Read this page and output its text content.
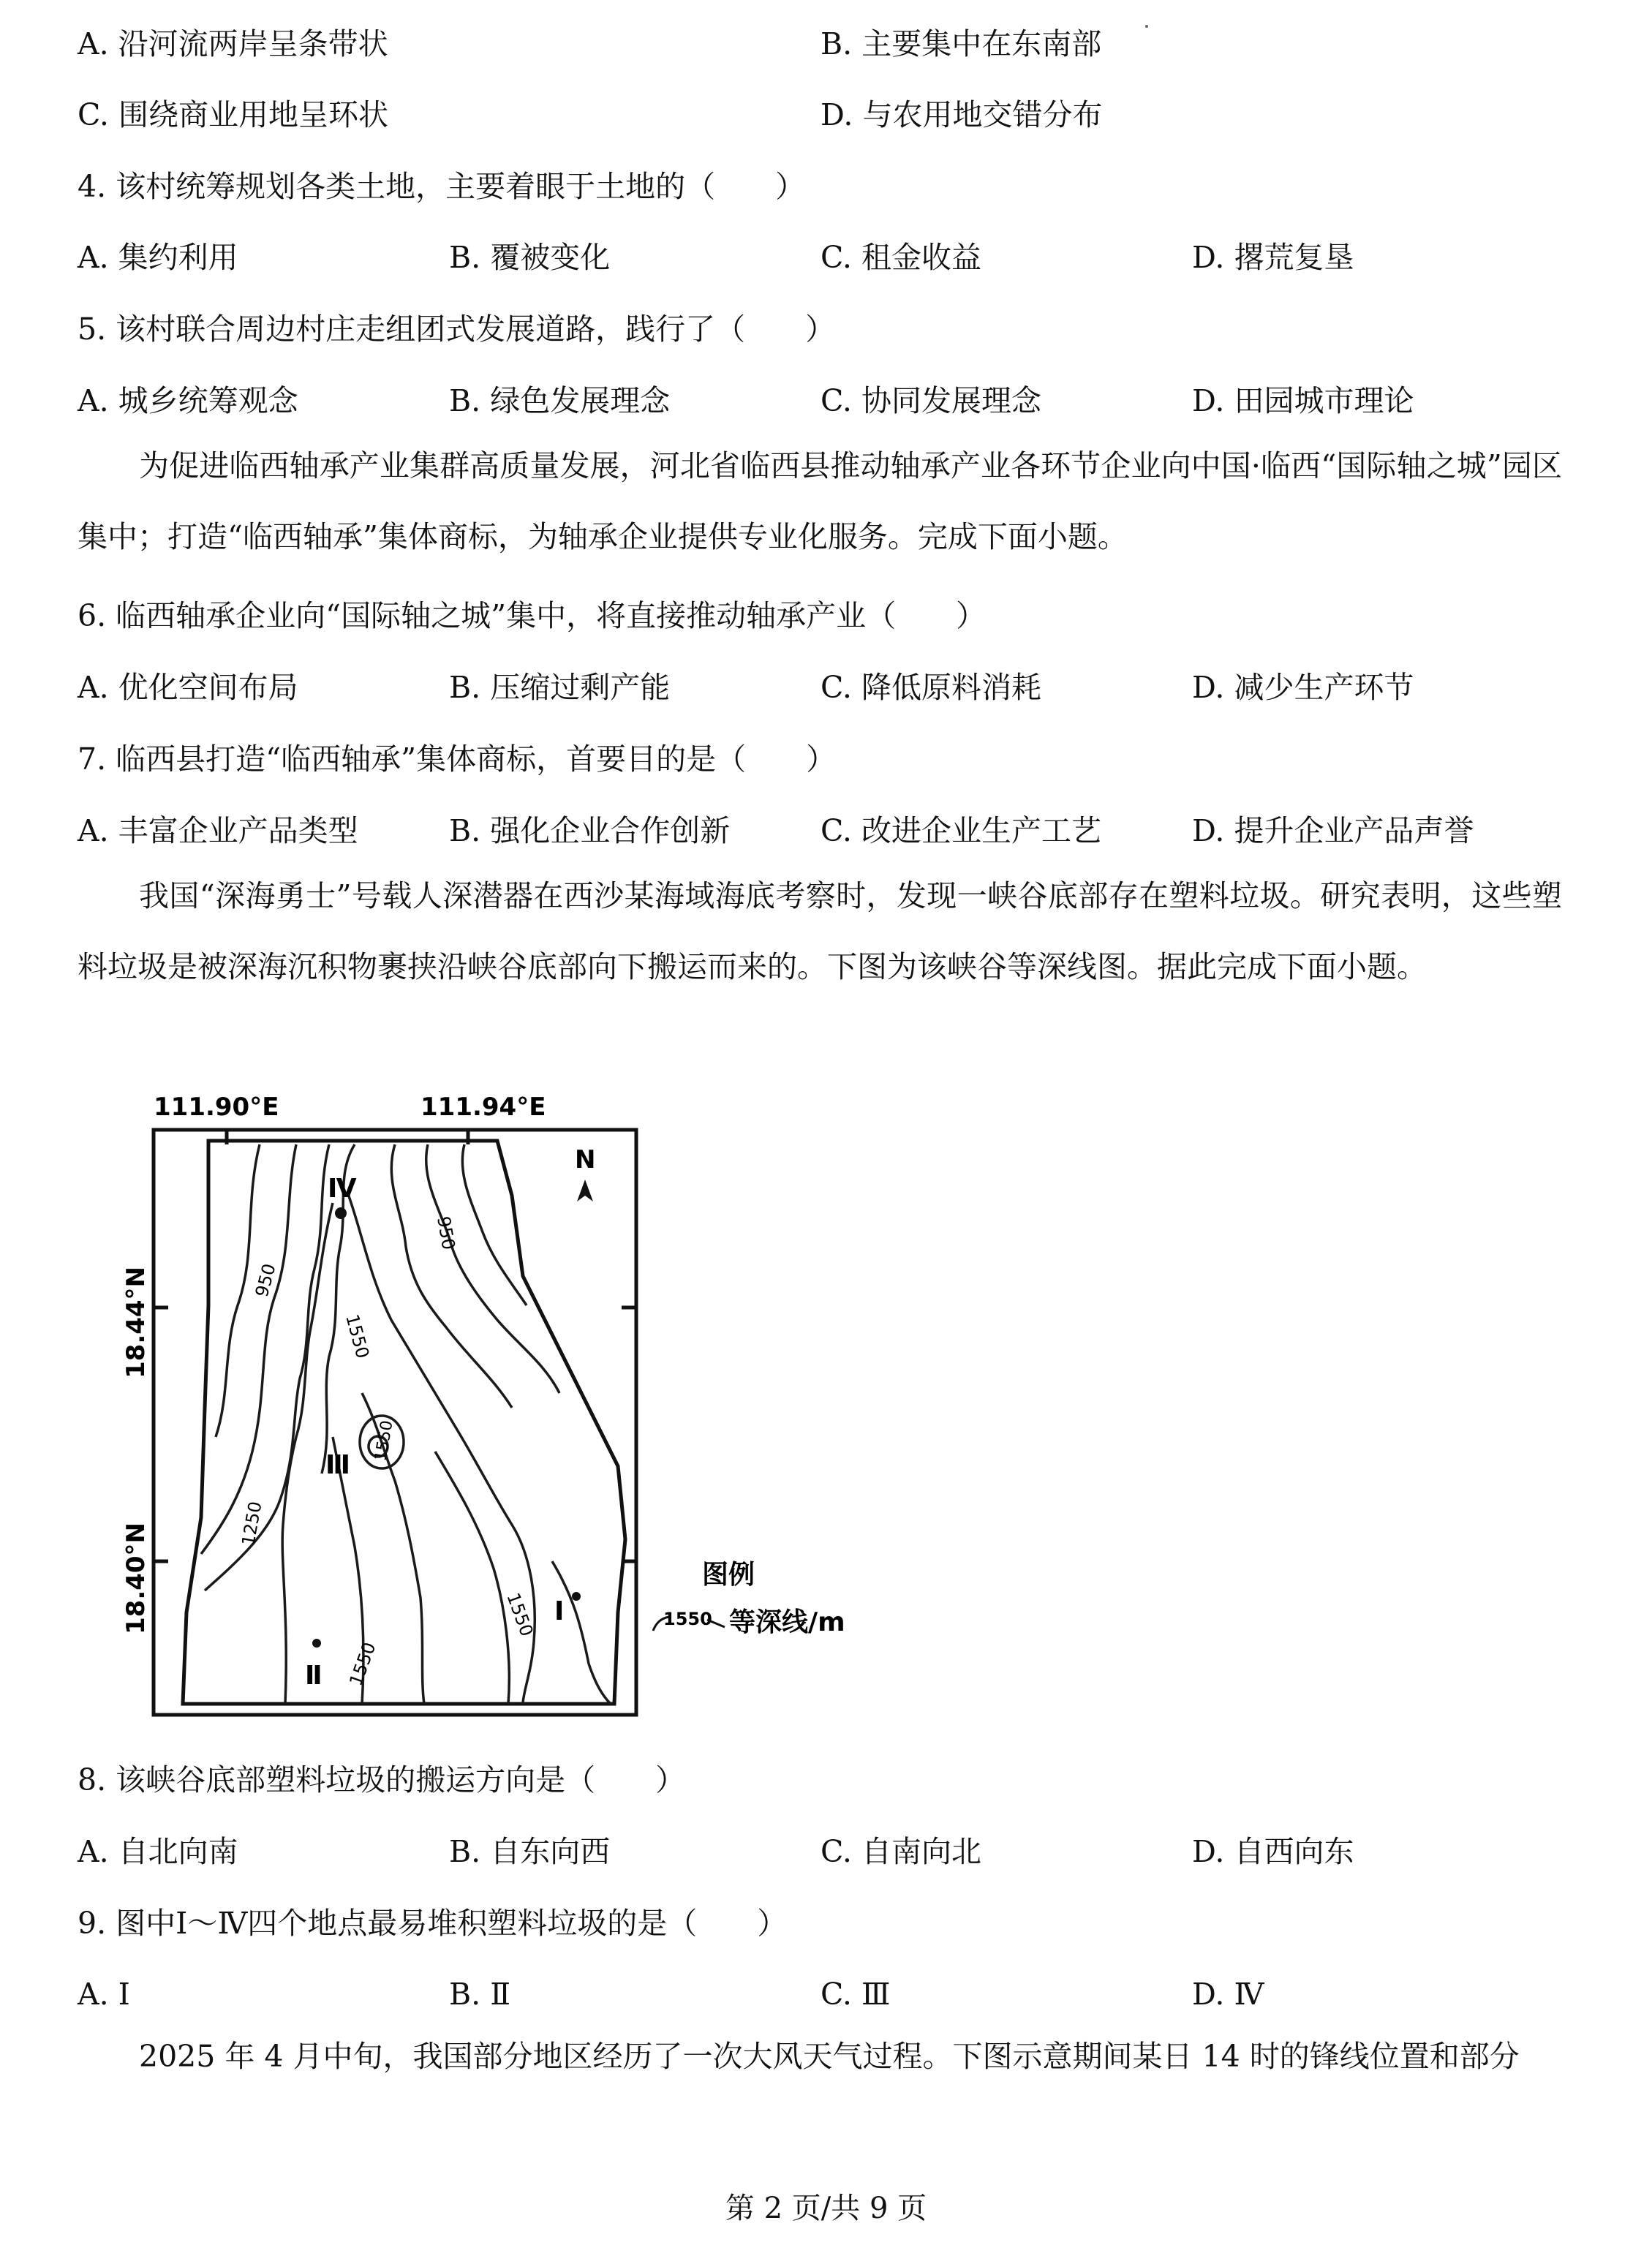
A. 沿河流两岸呈条带状	B. 主要集中在东南部
C. 围绕商业用地呈环状	D. 与农用地交错分布
4. 该村统筹规划各类土地，主要着眼于土地的（　　）
A. 集约利用	B. 覆被变化	C. 租金收益	D. 撂荒复垦
5. 该村联合周边村庄走组团式发展道路，践行了（　　）
A. 城乡统筹观念	B. 绿色发展理念	C. 协同发展理念	D. 田园城市理论
为促进临西轴承产业集群高质量发展，河北省临西县推动轴承产业各环节企业向中国·临西“国际轴之城”园区集中；打造“临西轴承”集体商标，为轴承企业提供专业化服务。完成下面小题。
6. 临西轴承企业向“国际轴之城”集中，将直接推动轴承产业（　　）
A. 优化空间布局	B. 压缩过剩产能	C. 降低原料消耗	D. 减少生产环节
7. 临西县打造“临西轴承”集体商标，首要目的是（　　）
A. 丰富企业产品类型	B. 强化企业合作创新	C. 改进企业生产工艺	D. 提升企业产品声誉
我国“深海勇士”号载人深潜器在西沙某海域海底考察时，发现一峡谷底部存在塑料垃圾。研究表明，这些塑料垃圾是被深海沉积物裹挟沿峡谷底部向下搬运而来的。下图为该峡谷等深线图。据此完成下面小题。
111.90°E	111.94°E
18.44°N
18.40°N
N
950
950
1550
1550
1250
1550
1550
Ⅰ
Ⅱ
Ⅲ
Ⅳ
图例
1550 等深线/m
8. 该峡谷底部塑料垃圾的搬运方向是（　　）
A. 自北向南	B. 自东向西	C. 自南向北	D. 自西向东
9. 图中Ⅰ～Ⅳ四个地点最易堆积塑料垃圾的是（　　）
A. Ⅰ	B. Ⅱ	C. Ⅲ	D. Ⅳ
2025 年 4 月中旬，我国部分地区经历了一次大风天气过程。下图示意期间某日 14 时的锋线位置和部分
第 2 页/共 9 页
